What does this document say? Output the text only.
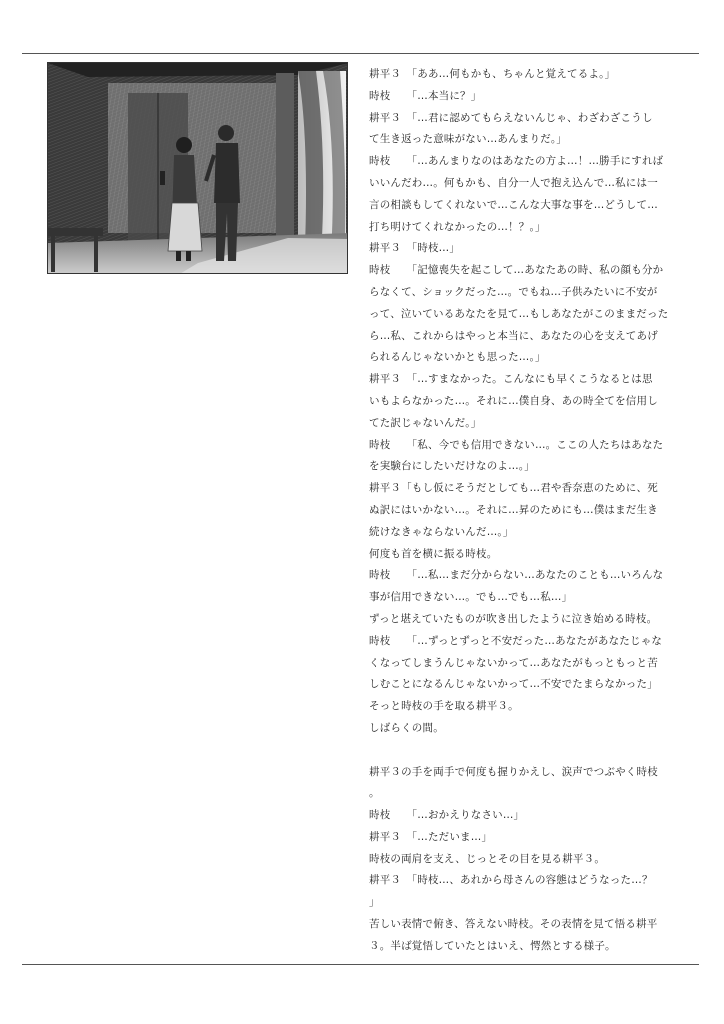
耕平３　「ああ…何もかも、ちゃんと覚えてるよ。」
時枝　　「…本当に？」
耕平３　「…君に認めてもらえないんじゃ、わざわざこうし
て生き返った意味がない…あんまりだ。」
時枝　　「…あんまりなのはあなたの方よ…！…勝手にすれば
いいんだわ…。何もかも、自分一人で抱え込んで…私には一
言の相談もしてくれないで…こんな大事な事を…どうして…
打ち明けてくれなかったの…！？。」
耕平３　「時枝…」
時枝　　「記憶喪失を起こして…あなたあの時、私の顔も分か
らなくて、ショックだった…。でもね…子供みたいに不安が
って、泣いているあなたを見て…もしあなたがこのままだった
ら…私、これからはやっと本当に、あなたの心を支えてあげ
られるんじゃないかとも思った…。」
耕平３　「…すまなかった。こんなにも早くこうなるとは思
いもよらなかった…。それに…僕自身、あの時全てを信用し
てた訳じゃないんだ。」
時枝　　「私、今でも信用できない…。ここの人たちはあなた
を実験台にしたいだけなのよ…。」
耕平３「もし仮にそうだとしても…君や香奈恵のために、死
ぬ訳にはいかない…。それに…昇のためにも…僕はまだ生き
続けなきゃならないんだ…。」
何度も首を横に振る時枝。
時枝　　「…私…まだ分からない…あなたのことも…いろんな
事が信用できない…。でも…でも…私…」
ずっと堪えていたものが吹き出したように泣き始める時枝。
時枝　　「…ずっとずっと不安だった…あなたがあなたじゃな
くなってしまうんじゃないかって…あなたがもっともっと苦
しむことになるんじゃないかって…不安でたまらなかった」
そっと時枝の手を取る耕平３。
しばらくの間。
耕平３の手を両手で何度も握りかえし、涙声でつぶやく時枝
。
時枝　　「…おかえりなさい…」
耕平３　「…ただいま…」
時枝の両肩を支え、じっとその目を見る耕平３。
耕平３　「時枝…、あれから母さんの容態はどうなった…？
」
苦しい表情で俯き、答えない時枝。その表情を見て悟る耕平
３。半ば覚悟していたとはいえ、愕然とする様子。
